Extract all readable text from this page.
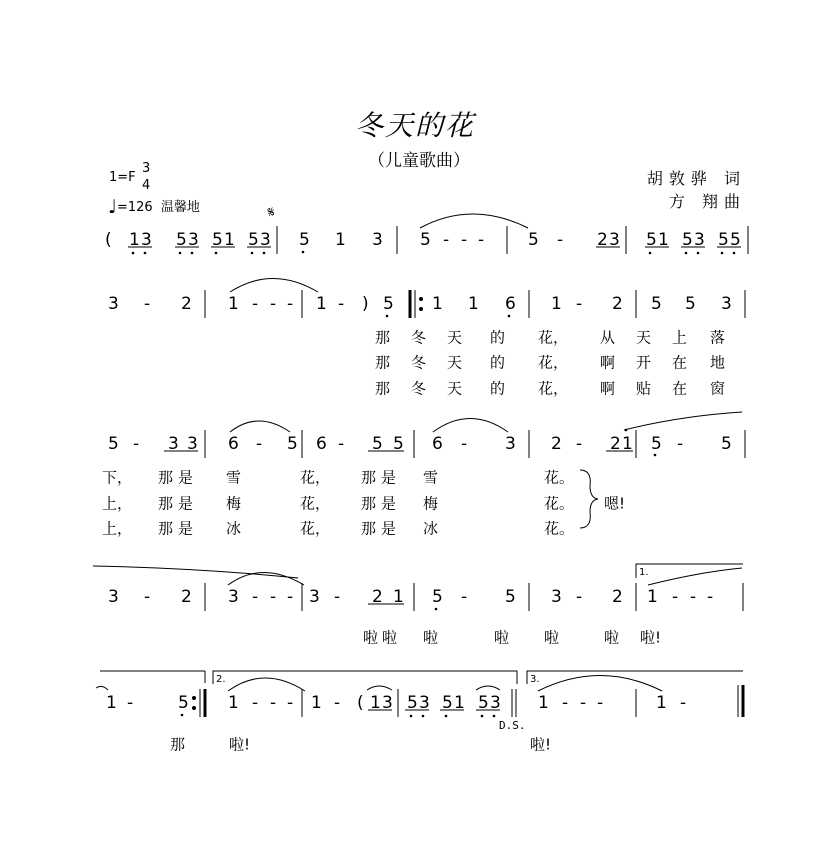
冬天的花
（儿童歌曲）
胡敦骅 词
方 翔曲
1=F
3
4
♩=126 温馨地	𝄋
D.S.
( 1 3 5 3 5 1 5 3 5 1 3 5 - - -	5 - 2 3 5 1 5 3 5 5
3 - 2 1 - - - 1 - ) 5 1 1 6 1 - 2 5 5 3
5 - 3 3 6 - 5 6 - 5 5 6 - 3 2 - 2 1 5 - 5
3 - 2 3 - - - 3 - 2 1 5 - 5 3 - 2 1 - - -
1 -	5 1 - - - 1 - ( 1 3 5 3 5 1 5 3 1 - - -	1 -
那 冬 天 的 花， 从 天 上 落
那 冬 天 的 花， 啊 开 在 地
那 冬 天 的 花， 啊 贴 在 窗
下， 那 是 雪	花， 那 是 雪	花。
上， 那 是 梅	花， 那 是 梅	花。 嗯!
上， 那 是 冰	花， 那 是 冰	花。
啦 啦 啦	啦 啦	啦 啦!
那	啦!	啦!
1.
2.	3.
